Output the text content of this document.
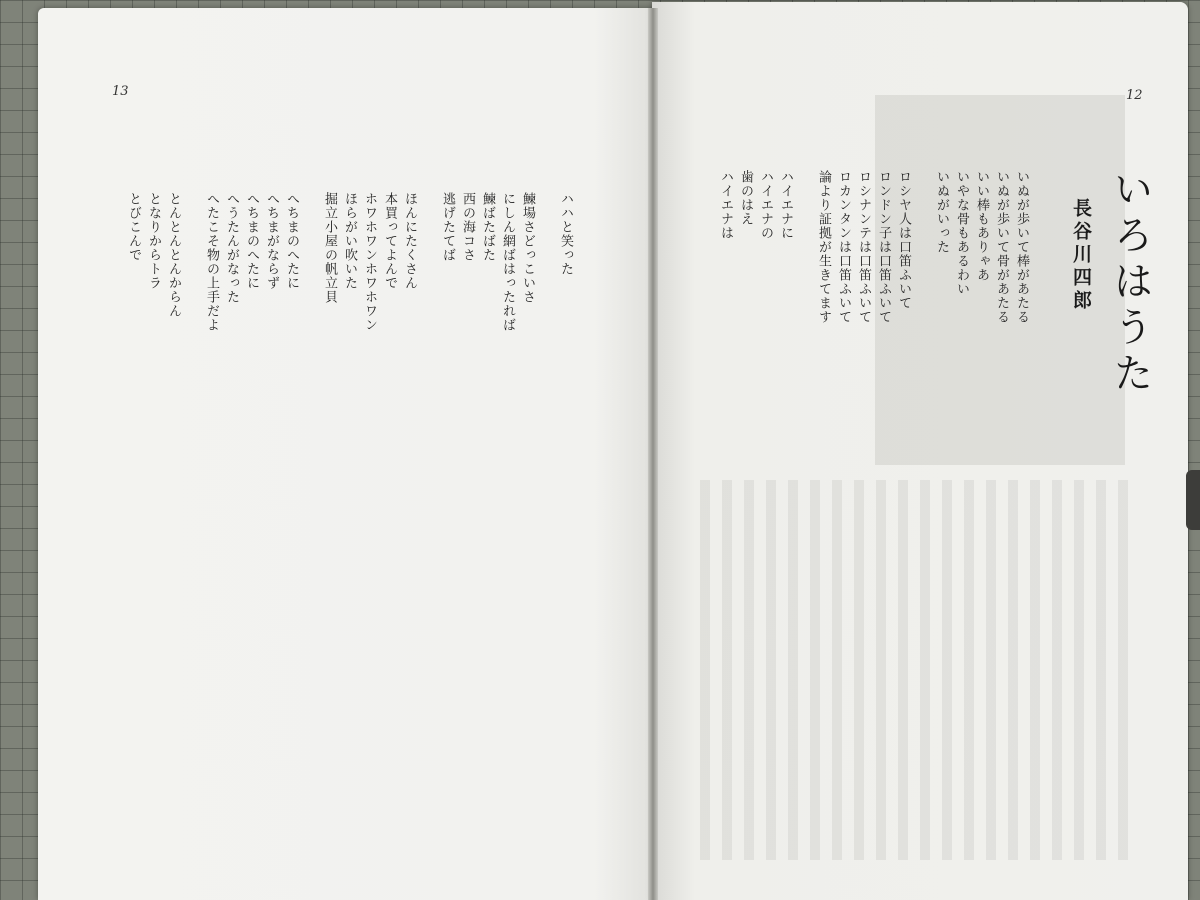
13	12
いろはうた
長谷川四郎
いぬが歩いて棒があたる
いぬが歩いて骨があたる
いい棒もありゃあ
いやな骨もあるわい
いぬがいった
ロシヤ人は口笛ふいて
ロンドン子は口笛ふいて
ロシナンテは口笛ふいて
ロカンタンは口笛ふいて
論より証拠が生きてます
ハイエナに
ハイエナの
歯のはえ
ハイエナは
ハハと笑った
鰊場さどっこいさ
にしん網ばはったれば
鰊ばたばた
西の海コさ
逃げたてば
ほんにたくさん
本買ってよんで
ホワホワンホワホワン
ほらがい吹いた
掘立小屋の帆立貝
へちまのへたに
へちまがならず
へちまのへたに
へうたんがなった
へたこそ物の上手だよ
とんとんとんからん
となりからトラ
とびこんで
